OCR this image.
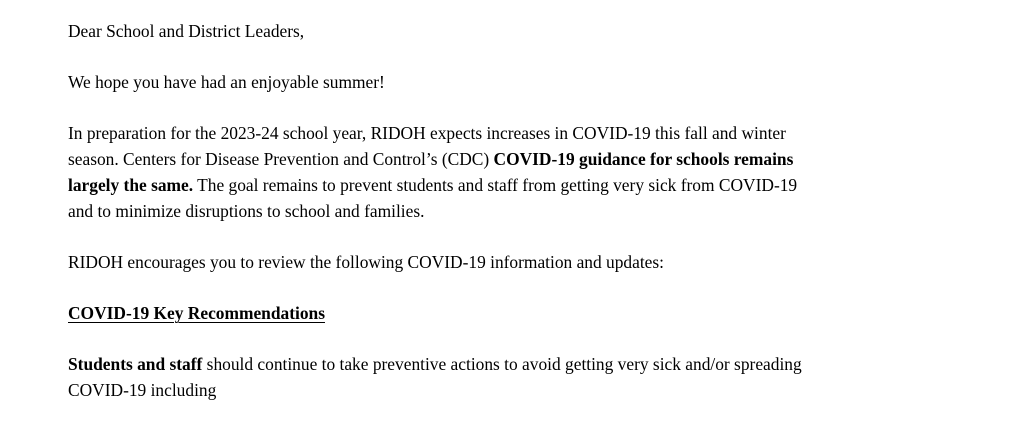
Dear School and District Leaders,

We hope you have had an enjoyable summer!

In preparation for the 2023-24 school year, RIDOH expects increases in COVID-19 this fall and winter

season. Centers for Disease Prevention and Control’s (CDC) COVID-19 guidance for schools remains

largely the same. The goal remains to prevent students and staff from getting very sick from COVID-19

and to minimize disruptions to school and families.

RIDOH encourages you to review the following COVID-19 information and updates:

COVID-19 Key Recommendations

Students and staff should continue to take preventive actions to avoid getting very sick and/or spreading

COVID-19 including
